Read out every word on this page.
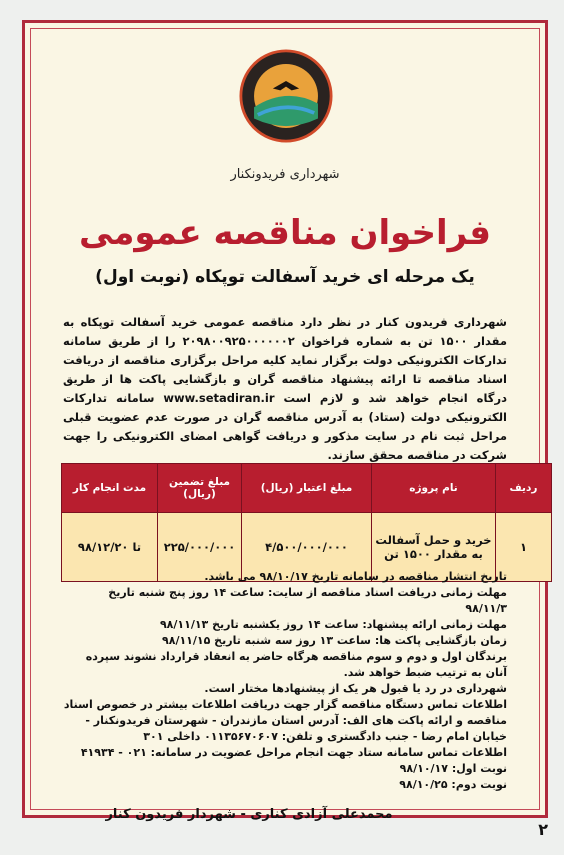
شهرداری فریدونکنار
فراخوان مناقصه عمومی
یک مرحله ای خرید آسفالت توپکاه (نوبت اول)
شهرداری فریدون کنار در نظر دارد مناقصه عمومی خرید آسفالت توپکاه به مقدار ۱۵۰۰ تن به شماره فراخوان ۲۰۹۸۰۰۹۲۵۰۰۰۰۰۰۲ را از طریق سامانه تدارکات الکترونیکی دولت برگزار نماید کلیه مراحل برگزاری مناقصه از دریافت اسناد مناقصه تا ارائه پیشنهاد مناقصه گران و بازگشایی پاکت ها از طریق درگاه انجام خواهد شد و لازم است www.setadiran.ir سامانه تدارکات الکترونیکی دولت (ستاد) به آدرس مناقصه گران در صورت عدم عضویت قبلی مراحل ثبت نام در سایت مذکور و دریافت گواهی امضای الکترونیکی را جهت شرکت در مناقصه محقق سازند.
ردیف	نام پروژه	مبلغ اعتبار (ریال)	مبلغ تضمین (ریال)	مدت انجام کار
۱	خرید و حمل آسفالت به مقدار ۱۵۰۰ تن	۴/۵۰۰/۰۰۰/۰۰۰	۲۲۵/۰۰۰/۰۰۰	تا ۹۸/۱۲/۲۰
تاریخ انتشار مناقصه در سامانه تاریخ ۹۸/۱۰/۱۷ می باشد.
مهلت زمانی دریافت اسناد مناقصه از سایت: ساعت ۱۴ روز پنج شنبه تاریخ ۹۸/۱۱/۳
مهلت زمانی ارائه پیشنهاد: ساعت ۱۴ روز یکشنبه تاریخ ۹۸/۱۱/۱۳
زمان بازگشایی پاکت ها: ساعت ۱۳ روز سه شنبه تاریخ ۹۸/۱۱/۱۵
برندگان اول و دوم و سوم مناقصه هرگاه حاضر به انعقاد قرارداد نشوند سپرده آنان به ترتیب ضبط خواهد شد.
شهرداری در رد یا قبول هر یک از پیشنهادها مختار است.
اطلاعات تماس دستگاه مناقصه گزار جهت دریافت اطلاعات بیشتر در خصوص اسناد مناقصه و ارائه پاکت های الف: آدرس استان مازندران - شهرستان فریدونکنار - خیابان امام رضا - جنب دادگستری و تلفن: ۰۱۱۳۵۶۷۰۶۰۷ داخلی ۳۰۱
اطلاعات تماس سامانه ستاد جهت انجام مراحل عضویت در سامانه: ۰۲۱ - ۴۱۹۳۴
نوبت اول: ۹۸/۱۰/۱۷
نوبت دوم: ۹۸/۱۰/۲۵
محمدعلی آزادی کناری - شهردار فریدون کنار
۲
